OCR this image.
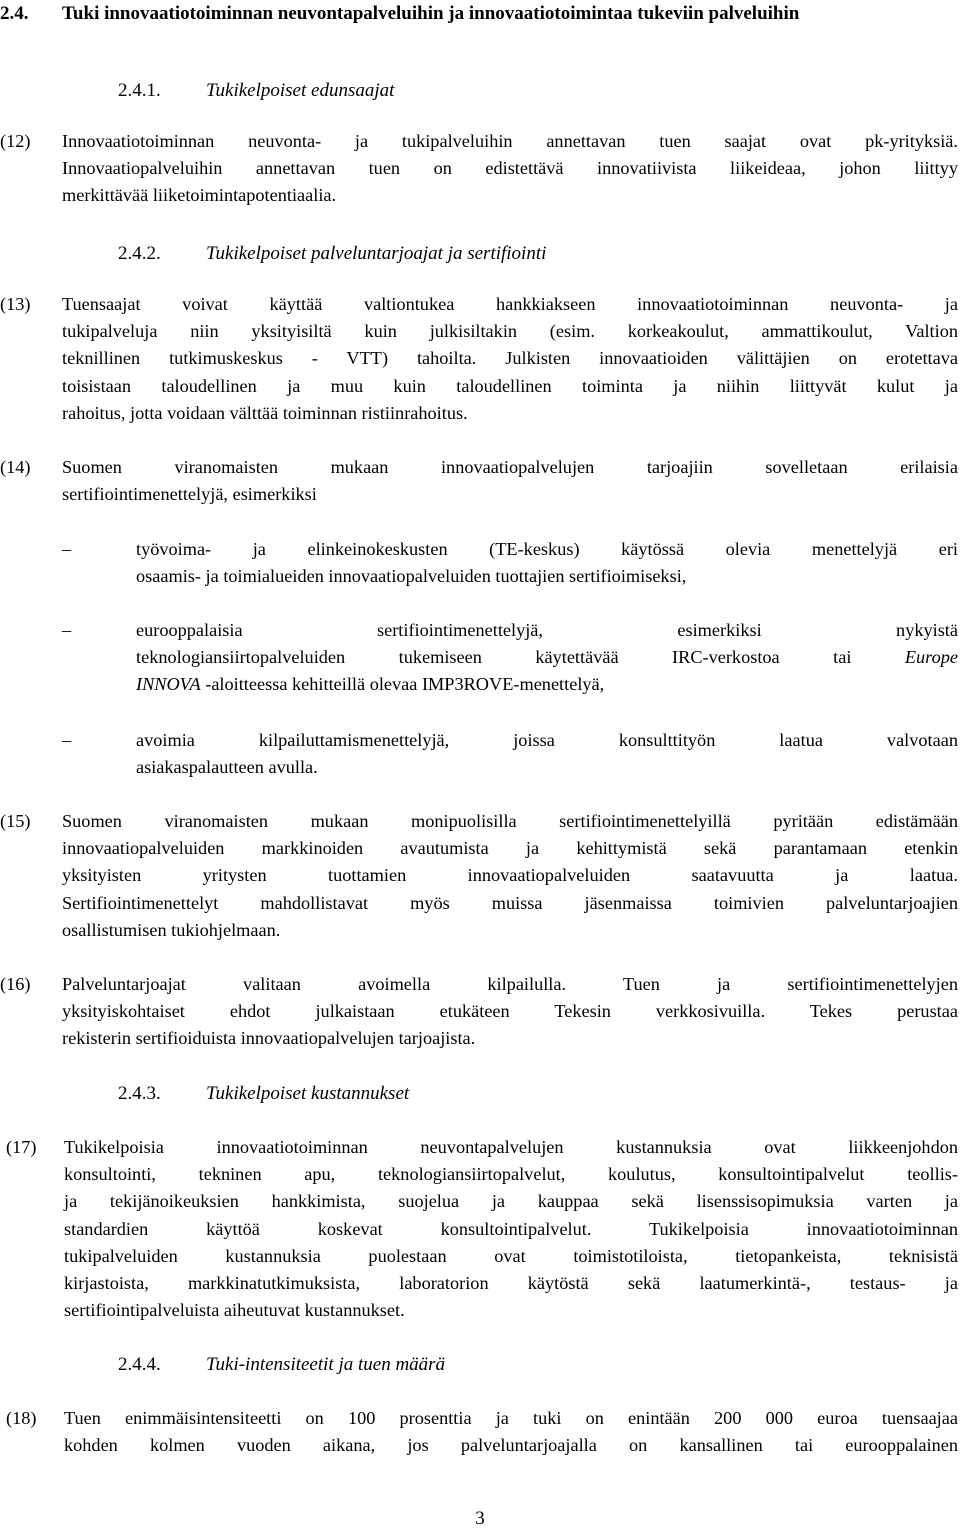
2.4.	Tuki innovaatiotoiminnan neuvontapalveluihin ja innovaatiotoimintaa tukeviin palveluihin
2.4.1. Tukikelpoiset edunsaajat
(12)	Innovaatiotoiminnan neuvonta- ja tukipalveluihin annettavan tuen saajat ovat pk-yrityksiä.
Innovaatiopalveluihin annettavan tuen on edistettävä innovatiivista liikeideaa, johon liittyy
merkittävää liiketoimintapotentiaalia.
2.4.2. Tukikelpoiset palveluntarjoajat ja sertifiointi
(13) Tuensaajat voivat käyttää valtiontukea hankkiakseen innovaatiotoiminnan neuvonta- ja
tukipalveluja niin yksityisiltä kuin julkisiltakin (esim. korkeakoulut, ammattikoulut, Valtion
teknillinen tutkimuskeskus - VTT) tahoilta. Julkisten innovaatioiden välittäjien on erotettava
toisistaan taloudellinen ja muu kuin taloudellinen toiminta ja niihin liittyvät kulut ja
rahoitus, jotta voidaan välttää toiminnan ristiinrahoitus.
(14) Suomen viranomaisten mukaan innovaatiopalvelujen tarjoajiin sovelletaan erilaisia
sertifiointimenettelyjä, esimerkiksi
–	työvoima- ja elinkeinokeskusten (TE-keskus) käytössä olevia menettelyjä eri
osaamis- ja toimialueiden innovaatiopalveluiden tuottajien sertifioimiseksi,
–	eurooppalaisia sertifiointimenettelyjä, esimerkiksi nykyistä
teknologiansiirtopalveluiden tukemiseen käytettävää IRC-verkostoa tai Europe
INNOVA -aloitteessa kehitteillä olevaa IMP3ROVE-menettelyä,
–	avoimia kilpailuttamismenettelyjä, joissa konsulttityön laatua valvotaan
asiakaspalautteen avulla.
(15) Suomen viranomaisten mukaan monipuolisilla sertifiointimenettelyillä pyritään edistämään
innovaatiopalveluiden markkinoiden avautumista ja kehittymistä sekä parantamaan etenkin
yksityisten yritysten tuottamien innovaatiopalveluiden saatavuutta ja laatua.
Sertifiointimenettelyt mahdollistavat myös muissa jäsenmaissa toimivien palveluntarjoajien
osallistumisen tukiohjelmaan.
(16) Palveluntarjoajat valitaan avoimella kilpailulla. Tuen ja sertifiointimenettelyjen
yksityiskohtaiset ehdot julkaistaan etukäteen Tekesin verkkosivuilla. Tekes perustaa
rekisterin sertifioiduista innovaatiopalvelujen tarjoajista.
2.4.3. Tukikelpoiset kustannukset
(17) Tukikelpoisia innovaatiotoiminnan neuvontapalvelujen kustannuksia ovat liikkeenjohdon
konsultointi, tekninen apu, teknologiansiirtopalvelut, koulutus, konsultointipalvelut teollis-
ja tekijänoikeuksien hankkimista, suojelua ja kauppaa sekä lisenssisopimuksia varten ja
standardien käyttöä koskevat konsultointipalvelut. Tukikelpoisia innovaatiotoiminnan
tukipalveluiden kustannuksia puolestaan ovat toimistotiloista, tietopankeista, teknisistä
kirjastoista, markkinatutkimuksista, laboratorion käytöstä sekä laatumerkintä-, testaus- ja
sertifiointipalveluista aiheutuvat kustannukset.
2.4.4. Tuki-intensiteetit ja tuen määrä
(18) Tuen enimmäisintensiteetti on 100 prosenttia ja tuki on enintään 200 000 euroa tuensaajaa
kohden kolmen vuoden aikana, jos palveluntarjoajalla on kansallinen tai eurooppalainen
3
